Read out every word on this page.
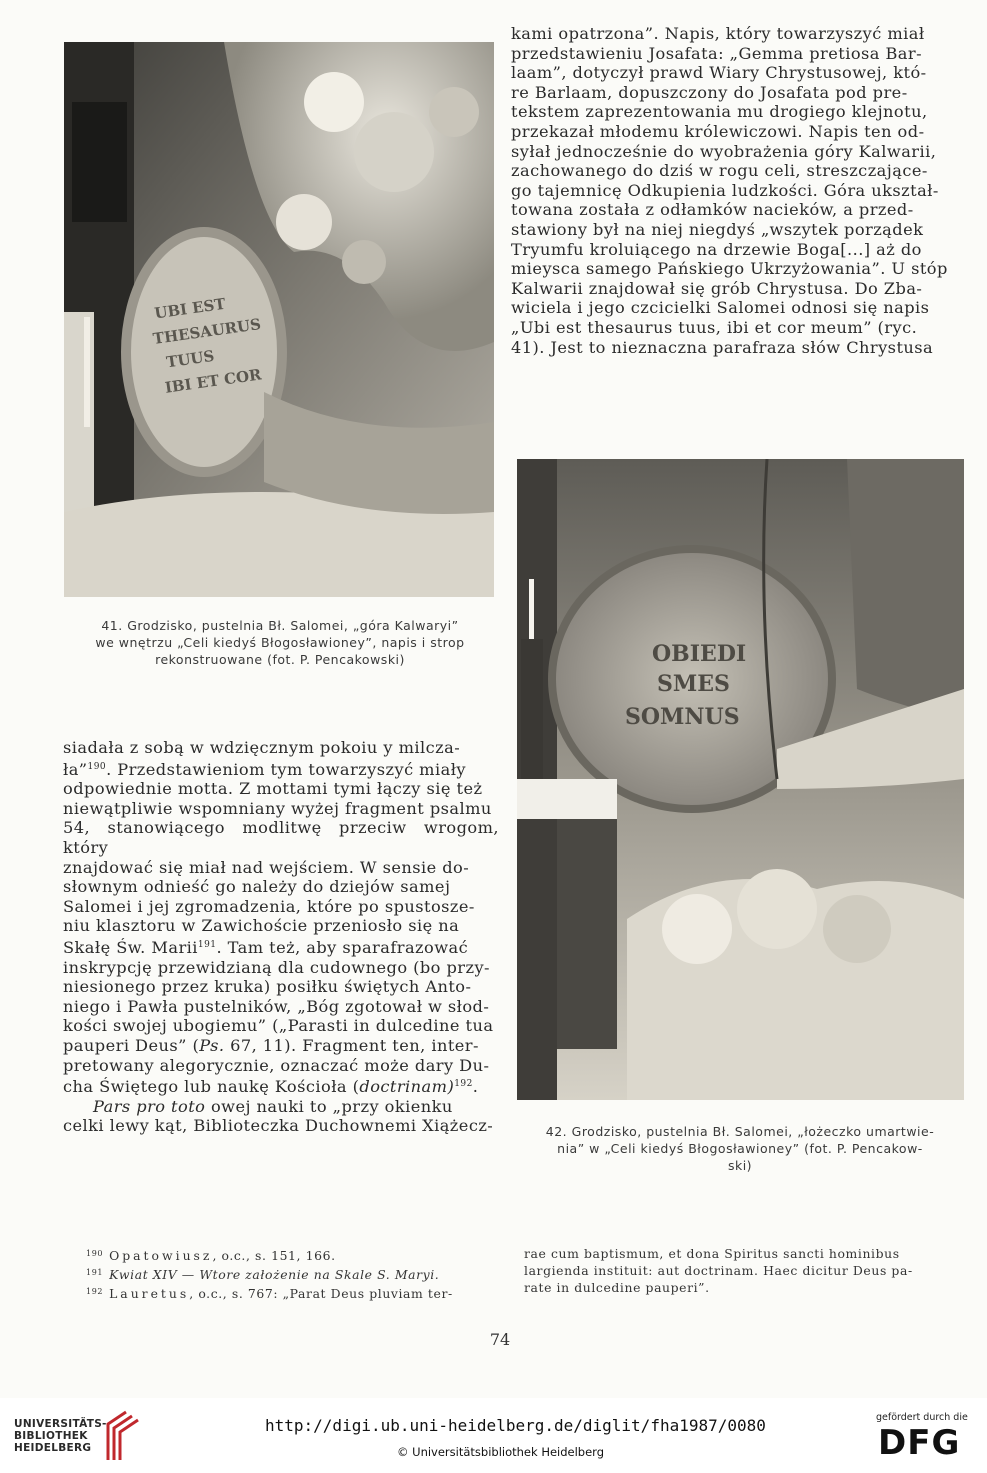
kami opatrzona”. Napis, który towarzyszyć miał

przedstawieniu Josafata: „Gemma pretiosa Bar-

laam”, dotyczył prawd Wiary Chrystusowej, któ-

re Barlaam, dopuszczony do Josafata pod pre-

tekstem zaprezentowania mu drogiego klejnotu,

przekazał młodemu królewiczowi. Napis ten od-

syłał jednocześnie do wyobrażenia góry Kalwarii,

zachowanego do dziś w rogu celi, streszczające-

go tajemnicę Odkupienia ludzkości. Góra ukształ-

towana została z odłamków nacieków, a przed-

stawiony był na niej niegdyś „wszytek porządek

Tryumfu kroluiącego na drzewie Boga[...] aż do

mieysca samego Pańskiego Ukrzyżowania”. U stóp

Kalwarii znajdował się grób Chrystusa. Do Zba-

wiciela i jego czcicielki Salomei odnosi się napis

„Ubi est thesaurus tuus, ibi et cor meum” (ryc.

41). Jest to nieznaczna parafraza słów Chrystusa

UBI EST
THESAURUS
TUUS
IBI ET COR
41. Grodzisko, pustelnia Bł. Salomei, „góra Kalwaryi”
we wnętrzu „Celi kiedyś Błogosławioney”, napis i strop
rekonstruowane (fot. P. Pencakowski)	OBIEDI
SMES
SOMNUS
42. Grodzisko, pustelnia Bł. Salomei, „łożeczko umartwie-
nia” w „Celi kiedyś Błogosławioney” (fot. P. Pencakow-
ski)

siadała z sobą w wdzięcznym pokoiu y milcza-

ła”$^{190}$. Przedstawieniom tym towarzyszyć miały

odpowiednie motta. Z mottami tymi łączy się też

niewątpliwie wspomniany wyżej fragment psalmu

54, stanowiącego modlitwę przeciw wrogom, który

znajdować się miał nad wejściem. W sensie do-

słownym odnieść go należy do dziejów samej

Salomei i jej zgromadzenia, które po spustosze-

niu klasztoru w Zawichoście przeniosło się na

Skałę Św. Marii$^{191}$. Tam też, aby sparafrazować

inskrypcję przewidzianą dla cudownego (bo przy-

niesionego przez kruka) posiłku świętych Anto-

niego i Pawła pustelników, „Bóg zgotował w słod-

kości swojej ubogiemu” („Parasti in dulcedine tua

pauperi Deus” (Ps. 67, 11). Fragment ten, inter-

pretowany alegorycznie, oznaczać może dary Du-

cha Świętego lub naukę Kościoła (doctrinam)$^{192}$.

Pars pro toto owej nauki to „przy okienku

celki lewy kąt, Biblioteczka Duchownemi Xiążecz-

$^{190}$ Opatowiusz, o.c., s. 151, 166.
$^{191}$ Kwiat XIV — Wtore założenie na Skale S. Maryi.
$^{192}$ Lauretus, o.c., s. 767: „Parat Deus pluviam ter-
rae cum baptismum, et dona Spiritus sancti hominibus
largienda instituit: aut doctrinam. Haec dicitur Deus pa-
rate in dulcedine pauperi”.
74
UNIVERSITÄTS-
BIBLIOTHEK
HEIDELBERG
http://digi.ub.uni-heidelberg.de/diglit/fha1987/0080
© Universitätsbibliothek Heidelberg
gefördert durch die
DFG
